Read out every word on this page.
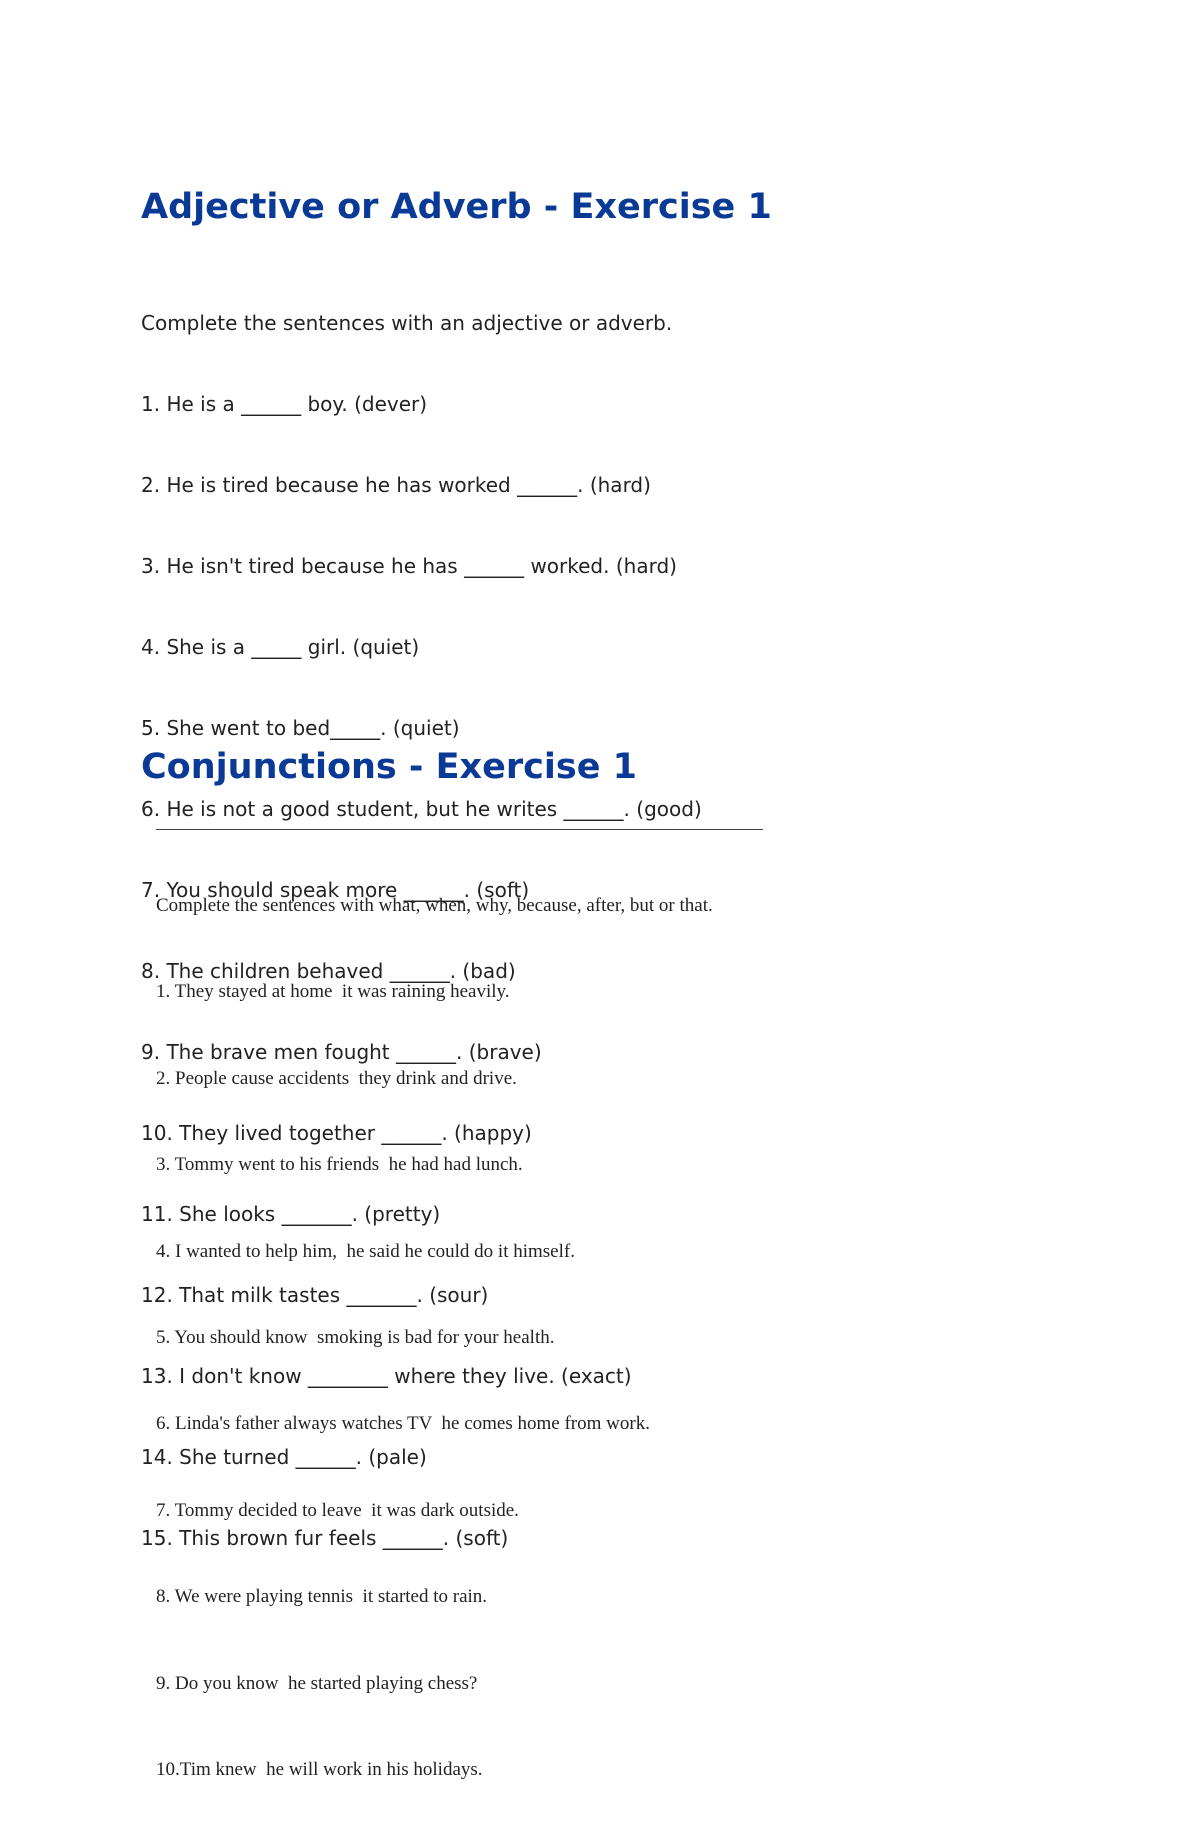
Adjective or Adverb - Exercise 1

Complete the sentences with an adjective or adverb.

1. He is a ______ boy. (dever)

2. He is tired because he has worked ______. (hard)

3. He isn't tired because he has ______ worked. (hard)

4. She is a _____ girl. (quiet)

5. She went to bed_____. (quiet)

6. He is not a good student, but he writes ______. (good)

7. You should speak more ______. (soft)

8. The children behaved ______. (bad)

9. The brave men fought ______. (brave)

10. They lived together ______. (happy)

11. She looks _______. (pretty)

12. That milk tastes _______. (sour)

13. I don't know ________ where they live. (exact)

14. She turned ______. (pale)

15. This brown fur feels ______. (soft)

Conjunctions - Exercise 1

Complete the sentences with what, when, why, because, after, but or that.

1. They stayed at home  it was raining heavily.

2. People cause accidents  they drink and drive.

3. Tommy went to his friends  he had had lunch.

4. I wanted to help him,  he said he could do it himself.

5. You should know  smoking is bad for your health.

6. Linda's father always watches TV  he comes home from work.

7. Tommy decided to leave  it was dark outside.

8. We were playing tennis  it started to rain.

9. Do you know  he started playing chess?

10.Tim knew  he will work in his holidays.
